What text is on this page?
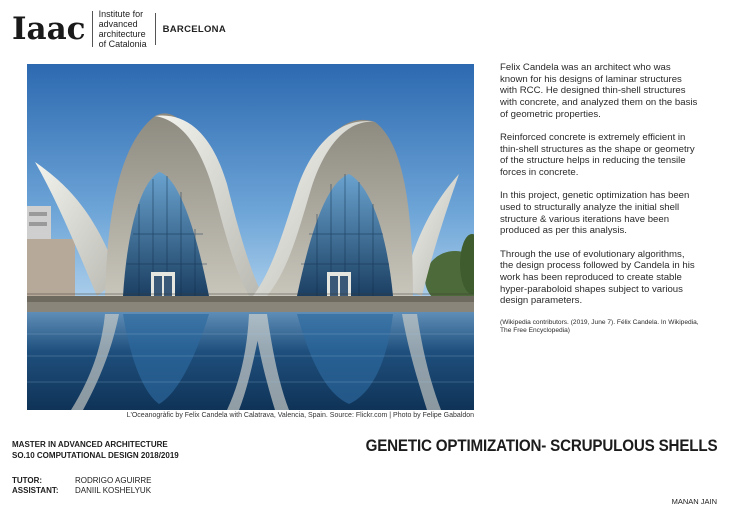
Iaac Institute for
advanced
architecture
of Catalonia
BARCELONA
L'Oceanogràfic by Felix Candela with Calatrava, Valencia, Spain. Source: Flickr.com | Photo by Felipe Gabaldon

Felix Candela was an architect who was known for his designs of laminar structures with RCC. He designed thin-shell structures with concrete, and analyzed them on the basis of geometric properties.

Reinforced concrete is extremely efficient in thin-shell structures as the shape or geometry of the structure helps in reducing the tensile forces in concrete.

In this project, genetic optimization has been used to structurally analyze the initial shell structure & various iterations have been produced as per this analysis.

Through the use of evolutionary algorithms, the design process followed by Candela in his work has been reproduced to create stable hyper-paraboloid shapes subject to various design parameters.

(Wikipedia contributors. (2019, June 7). Félix Candela. In Wikipedia, The Free Encyclopedia)

MASTER IN ADVANCED ARCHITECTURE
SO.10 COMPUTATIONAL DESIGN 2018/2019	GENETIC OPTIMIZATION- SCRUPULOUS SHELLS
TUTOR:	RODRIGO AGUIRRE
ASSISTANT:	DANIIL KOSHELYUK
MANAN JAIN
